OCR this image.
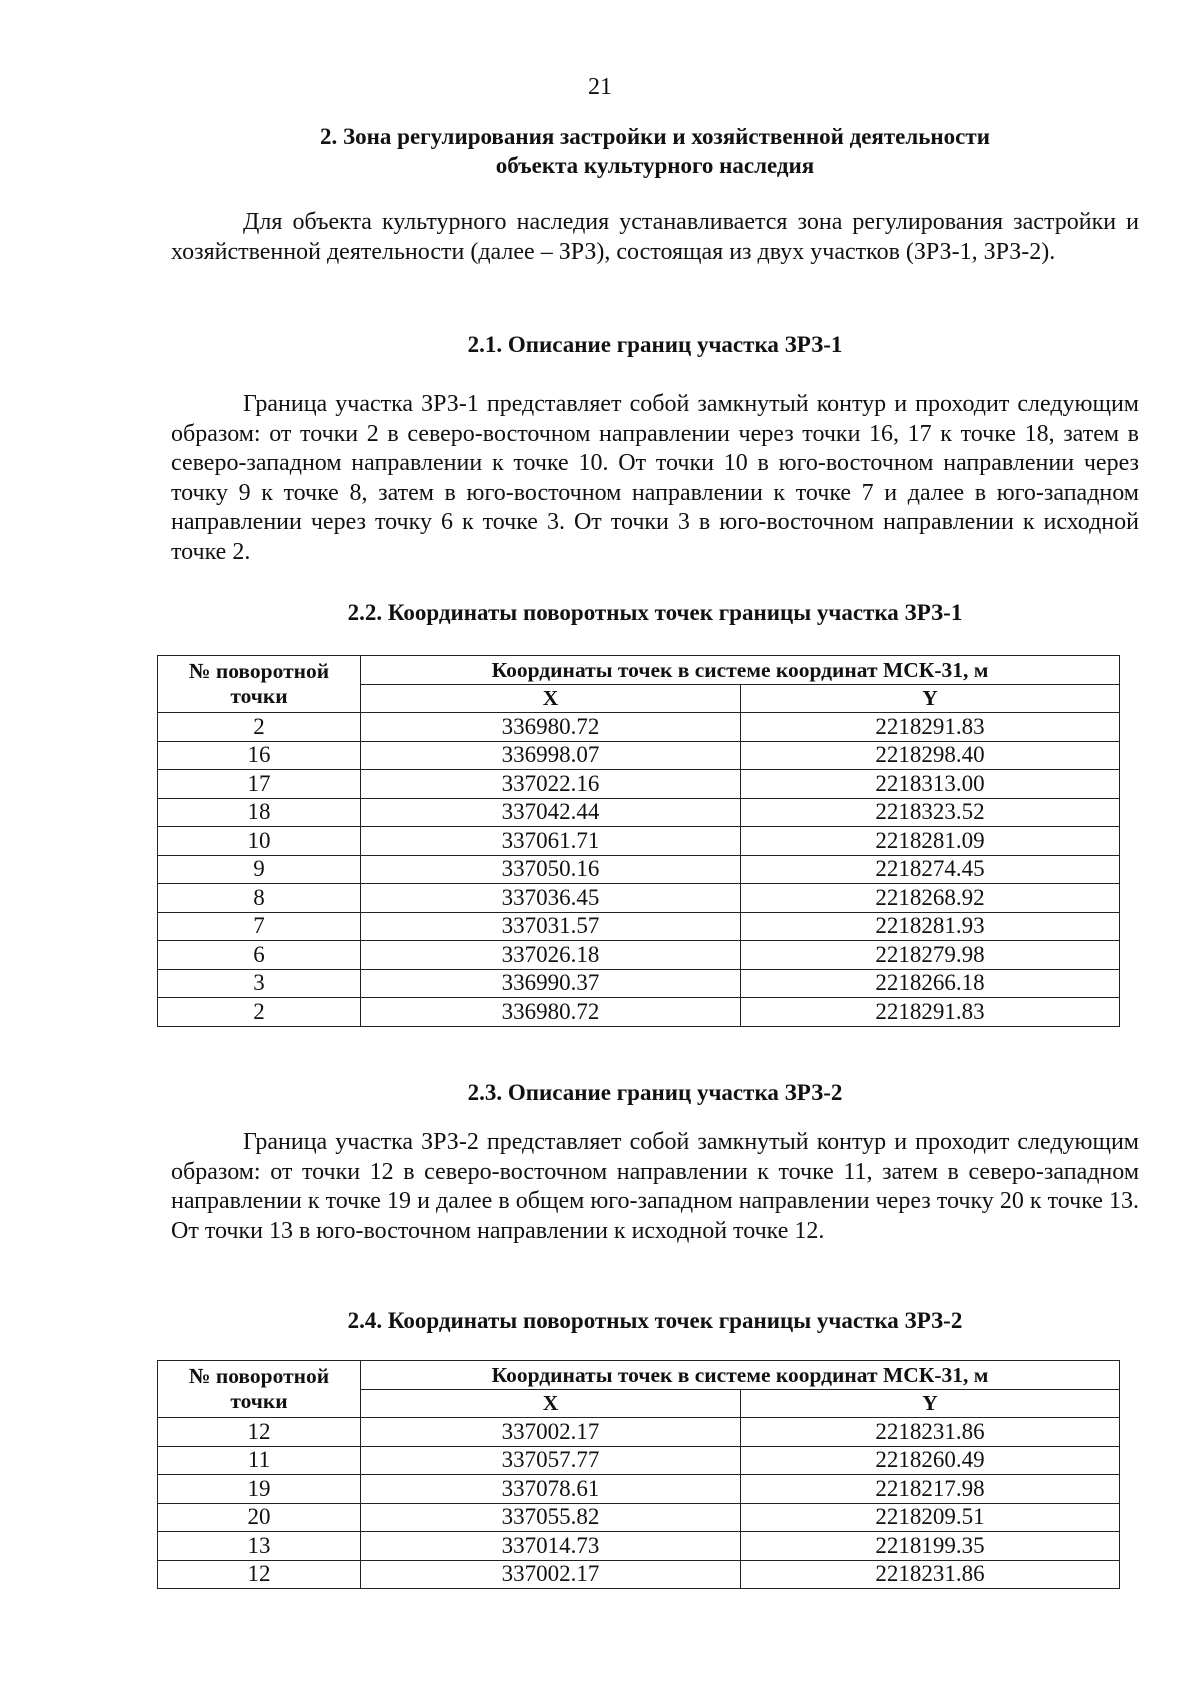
21
2. Зона регулирования застройки и хозяйственной деятельности
объекта культурного наследия
Для объекта культурного наследия устанавливается зона регулирования застройки и хозяйственной деятельности (далее – ЗРЗ), состоящая из двух участков (ЗРЗ-1, ЗРЗ-2).
2.1. Описание границ участка ЗРЗ-1
Граница участка ЗРЗ-1 представляет собой замкнутый контур и проходит следующим образом: от точки 2 в северо-восточном направлении через точки 16, 17 к точке 18, затем в северо-западном направлении к точке 10. От точки 10 в юго-восточном направлении через точку 9 к точке 8, затем в юго-восточном направлении к точке 7 и далее в юго-западном направлении через точку 6 к точке 3. От точки 3 в юго-восточном направлении к исходной точке 2.
2.2. Координаты поворотных точек границы участка ЗРЗ-1
№ поворотной точки	Координаты точек в системе координат МСК-31, м	
	X	Y
2	336980.72	2218291.83
16	336998.07	2218298.40
17	337022.16	2218313.00
18	337042.44	2218323.52
10	337061.71	2218281.09
9	337050.16	2218274.45
8	337036.45	2218268.92
7	337031.57	2218281.93
6	337026.18	2218279.98
3	336990.37	2218266.18
2	336980.72	2218291.83
2.3. Описание границ участка ЗРЗ-2
Граница участка ЗРЗ-2 представляет собой замкнутый контур и проходит следующим образом: от точки 12 в северо-восточном направлении к точке 11, затем в северо-западном направлении к точке 19 и далее в общем юго-западном направлении через точку 20 к точке 13. От точки 13 в юго-восточном направлении к исходной точке 12.
2.4. Координаты поворотных точек границы участка ЗРЗ-2
№ поворотной точки	Координаты точек в системе координат МСК-31, м	
	X	Y
12	337002.17	2218231.86
11	337057.77	2218260.49
19	337078.61	2218217.98
20	337055.82	2218209.51
13	337014.73	2218199.35
12	337002.17	2218231.86
